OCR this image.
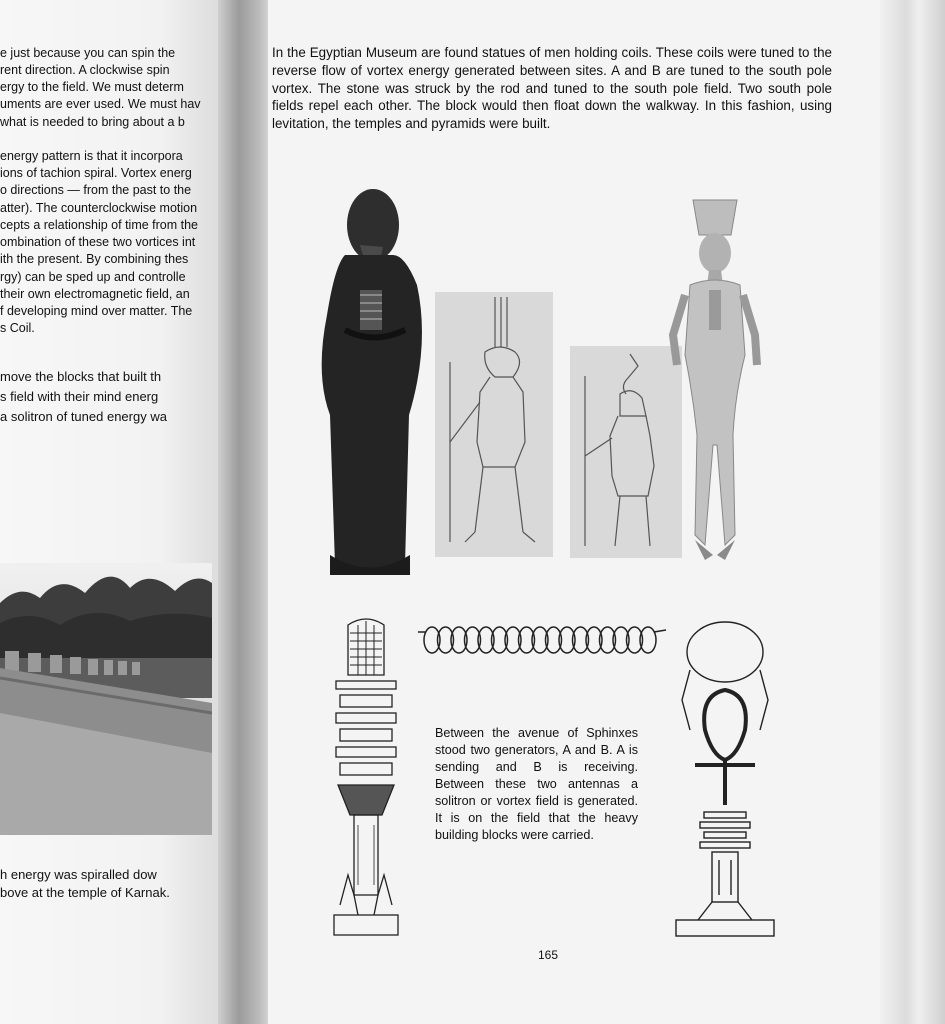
e just because you can spin the

rent direction. A clockwise spin

ergy to the field. We must determ

uments are ever used. We must hav

what is needed to bring about a b

energy pattern is that it incorpora

ions of tachion spiral. Vortex energ

o directions — from the past to the

atter). The counterclockwise motion

cepts a relationship of time from the

ombination of these two vortices int

ith the present. By combining thes

rgy) can be sped up and controlle

their own electromagnetic field, an

f developing mind over matter. The

s Coil.

move the blocks that built th

s field with their mind energ

a solitron of tuned energy wa

h energy was spiralled dow
bove at the temple of Karnak.

In the Egyptian Museum are found statues of men holding coils. These coils were tuned to the reverse flow of vortex energy generated between sites. A and B are tuned to the south pole vortex. The stone was struck by the rod and tuned to the south pole field. Two south pole fields repel each other. The block would then float down the walkway. In this fashion, using levitation, the temples and pyramids were built.

Between the avenue of Sphinxes stood two generators, A and B. A is sending and B is receiving. Between these two antennas a solitron or vortex field is generated. It is on the field that the heavy building blocks were carried.

165
